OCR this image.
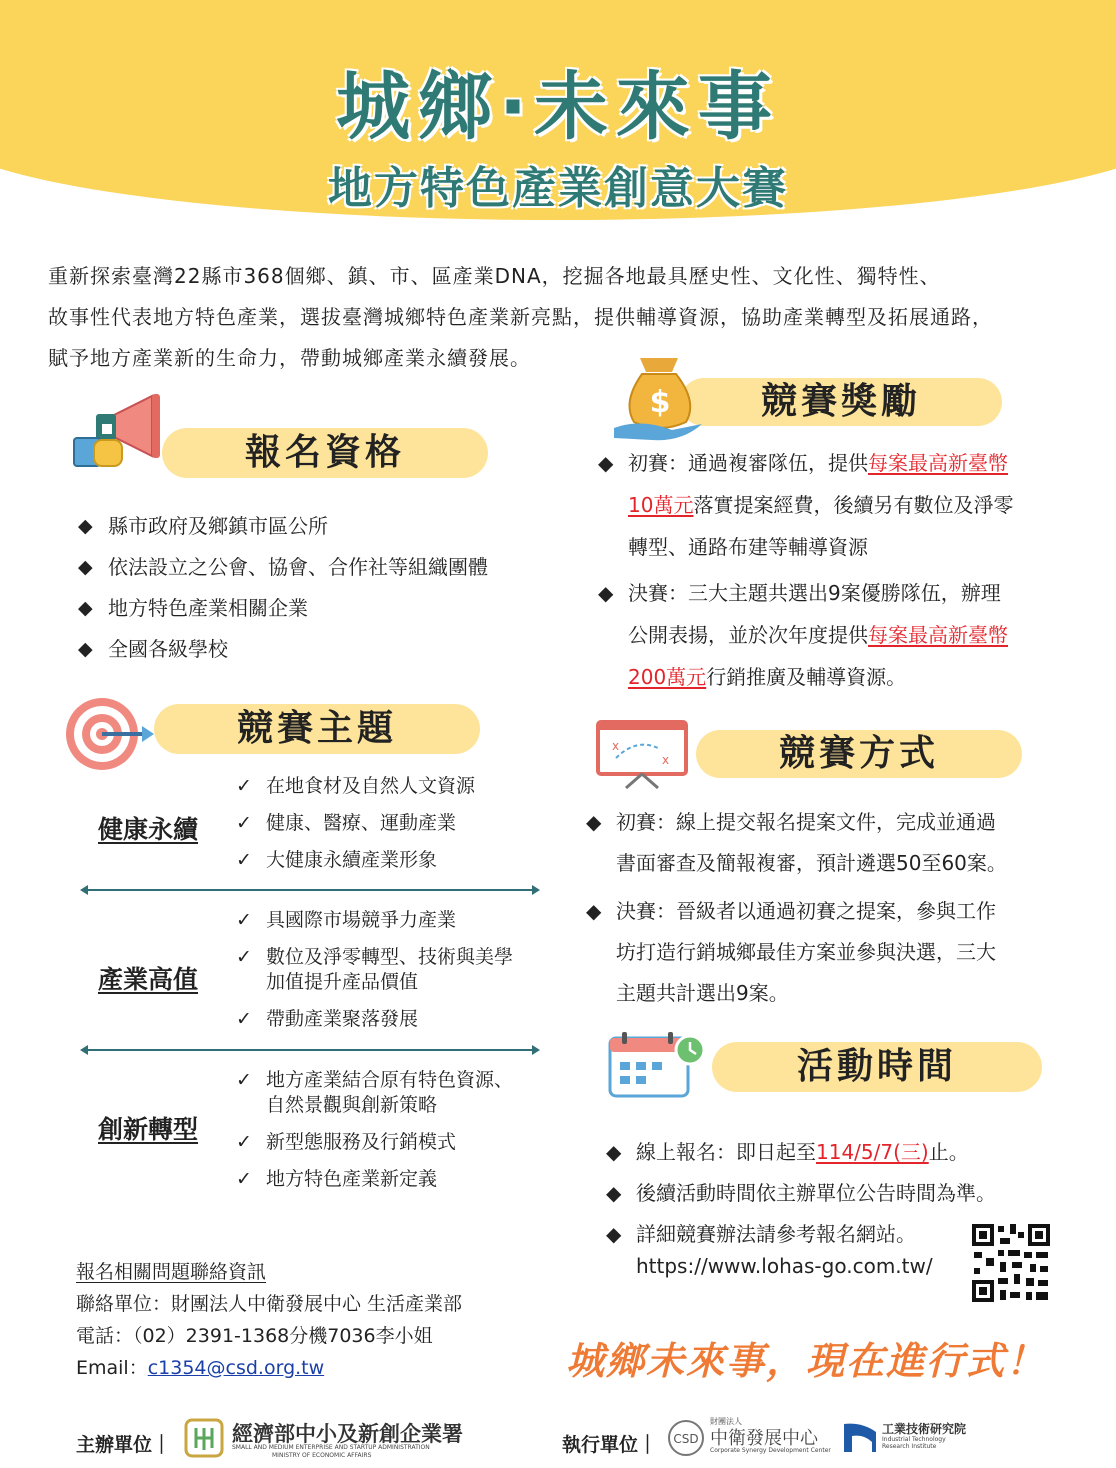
城鄉‧未來事
地方特色產業創意大賽
重新探索臺灣22縣市368個鄉、鎮、市、區產業DNA，挖掘各地最具歷史性、文化性、獨特性、
故事性代表地方特色產業，選拔臺灣城鄉特色產業新亮點，提供輔導資源，協助產業轉型及拓展通路，
賦予地方產業新的生命力，帶動城鄉產業永續發展。
報名資格
◆ 縣市政府及鄉鎮市區公所
◆ 依法設立之公會、協會、合作社等組織團體
◆ 地方特色產業相關企業
◆ 全國各級學校
競賽主題
健康永續
✓ 在地食材及自然人文資源
✓ 健康、醫療、運動產業
✓ 大健康永續產業形象
產業高值
✓ 具國際市場競爭力產業
✓ 數位及淨零轉型、技術與美學
加值提升產品價值
✓ 帶動產業聚落發展
創新轉型
✓ 地方產業結合原有特色資源、
自然景觀與創新策略
✓ 新型態服務及行銷模式
✓ 地方特色產業新定義
競賽獎勵
$
◆ 初賽：通過複審隊伍，提供每案最高新臺幣
10萬元落實提案經費，後續另有數位及淨零
轉型、通路布建等輔導資源
◆ 決賽：三大主題共選出9案優勝隊伍，辦理
公開表揚，並於次年度提供每案最高新臺幣
200萬元行銷推廣及輔導資源。
x
x	競賽方式
◆ 初賽：線上提交報名提案文件，完成並通過
書面審查及簡報複審，預計遴選50至60案。
◆ 決賽：晉級者以通過初賽之提案，參與工作
坊打造行銷城鄉最佳方案並參與決選，三大
主題共計選出9案。
活動時間
◆ 線上報名：即日起至114/5/7(三)止。
◆ 後續活動時間依主辦單位公告時間為準。
◆ 詳細競賽辦法請參考報名網站。
https://www.lohas-go.com.tw/
報名相關問題聯絡資訊
聯絡單位：財團法人中衛發展中心 生活產業部
電話：（02）2391-1368分機7036李小姐
Email：c1354@csd.org.tw	城鄉未來事，現在進行式！
主辦單位｜	經濟部中小及新創企業署
SMALL AND MEDIUM ENTERPRISE AND STARTUP ADMINISTRATION
MINISTRY OF ECONOMIC AFFAIRS	執行單位｜ CSD
財團法人
中衛發展中心
Corporate Synergy Development Center
工業技術研究院
Industrial Technology
Research Institute
